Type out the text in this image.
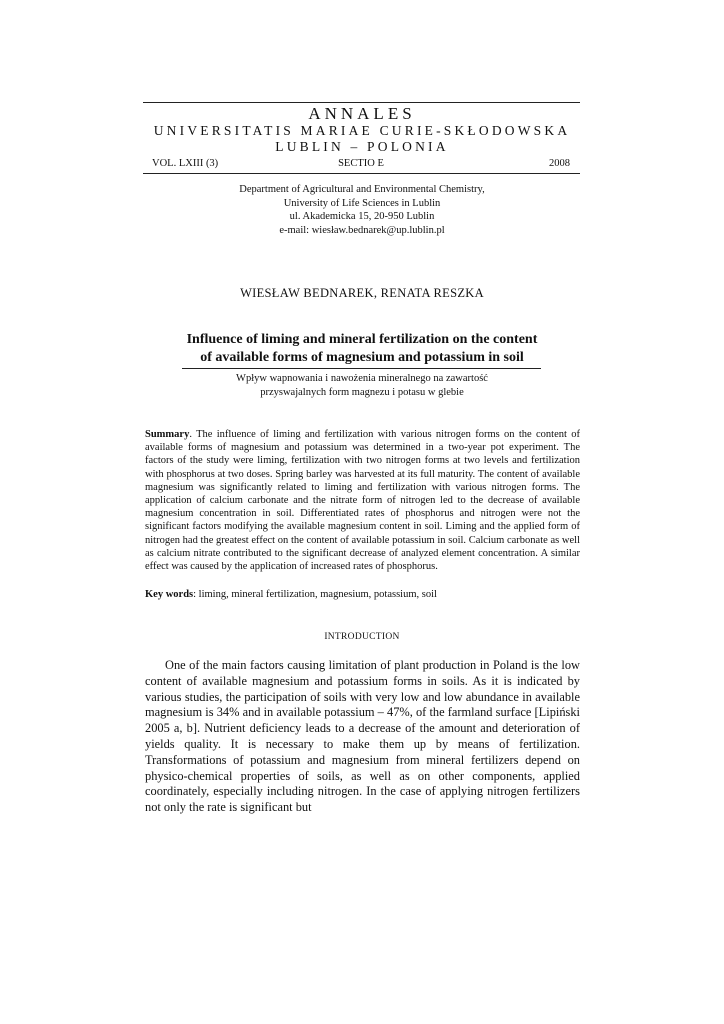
ANNALES
UNIVERSITATIS MARIAE CURIE-SKŁODOWSKA
LUBLIN – POLONIA
VOL. LXIII (3)	SECTIO E	2008
Department of Agricultural and Environmental Chemistry,
University of Life Sciences in Lublin
ul. Akademicka 15, 20-950 Lublin
e-mail: wiesław.bednarek@up.lublin.pl
WIESŁAW BEDNAREK, RENATA RESZKA
Influence of liming and mineral fertilization on the content
of available forms of magnesium and potassium in soil
Wpływ wapnowania i nawożenia mineralnego na zawartość
przyswajalnych form magnezu i potasu w glebie
Summary. The influence of liming and fertilization with various nitrogen forms on the content of available forms of magnesium and potassium was determined in a two-year pot experiment. The factors of the study were liming, fertilization with two nitrogen forms at two levels and fertilization with phosphorus at two doses. Spring barley was harvested at its full maturity. The content of available magnesium was significantly related to liming and fertilization with various nitrogen forms. The application of calcium carbonate and the nitrate form of nitrogen led to the decrease of available magnesium concentration in soil. Differentiated rates of phosphorus and nitrogen were not the significant factors modifying the available magnesium content in soil. Liming and the applied form of nitrogen had the greatest effect on the content of available potassium in soil. Calcium carbonate as well as calcium nitrate contributed to the significant decrease of analyzed element concentration. A similar effect was caused by the application of increased rates of phosphorus.
Key words: liming, mineral fertilization, magnesium, potassium, soil
INTRODUCTION
One of the main factors causing limitation of plant production in Poland is the low content of available magnesium and potassium forms in soils. As it is indicated by various studies, the participation of soils with very low and low abundance in available magnesium is 34% and in available potassium – 47%, of the farmland surface [Lipiński 2005 a, b]. Nutrient deficiency leads to a decrease of the amount and deterioration of yields quality. It is necessary to make them up by means of fertilization. Transformations of potassium and magnesium from mineral fertilizers depend on physico-chemical properties of soils, as well as on other components, applied coordinately, especially including nitrogen. In the case of applying nitrogen fertilizers not only the rate is significant but
